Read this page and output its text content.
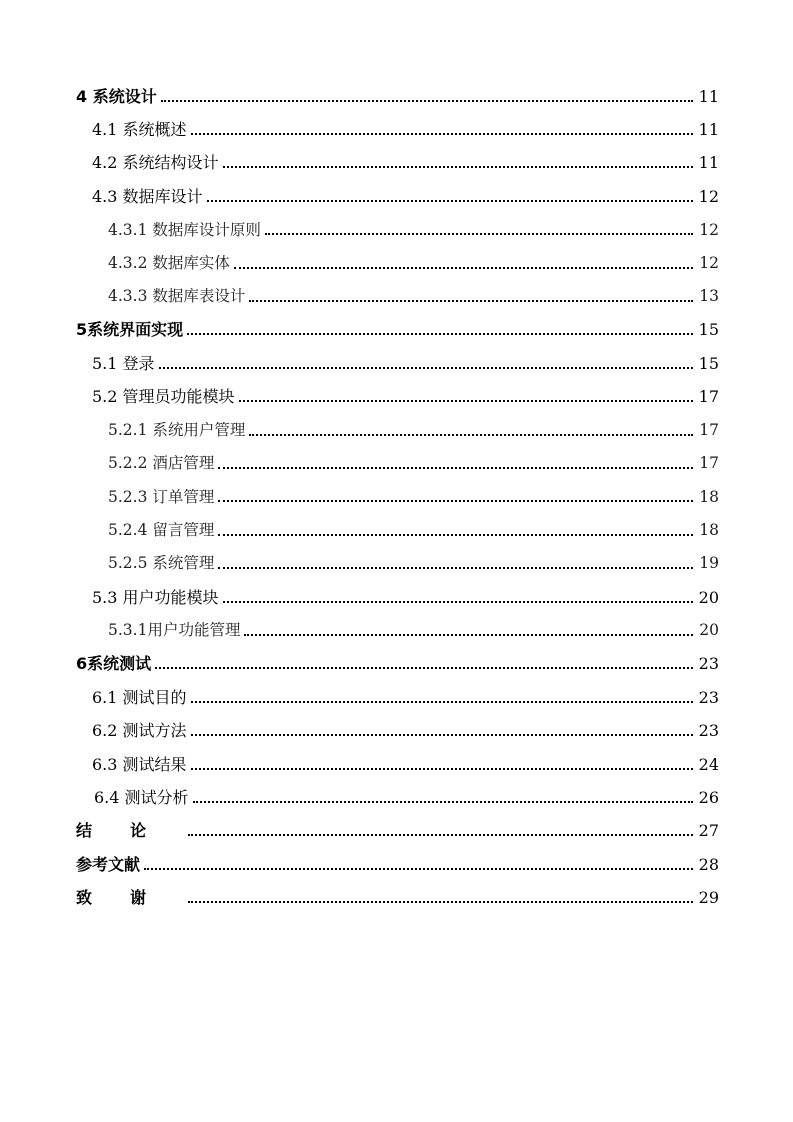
4 系统设计	11
4.1 系统概述	11
4.2 系统结构设计	11
4.3 数据库设计	12
4.3.1 数据库设计原则	12
4.3.2 数据库实体	12
4.3.3 数据库表设计	13
5系统界面实现	15
5.1 登录	15
5.2 管理员功能模块	17
5.2.1 系统用户管理	17
5.2.2 酒店管理	17
5.2.3 订单管理	18
5.2.4 留言管理	18
5.2.5 系统管理	19
5.3 用户功能模块	20
5.3.1用户功能管理	20
6系统测试	23
6.1 测试目的	23
6.2 测试方法	23
6.3 测试结果	24
6.4 测试分析	26
结论	27
参考文献	28
致谢	29
